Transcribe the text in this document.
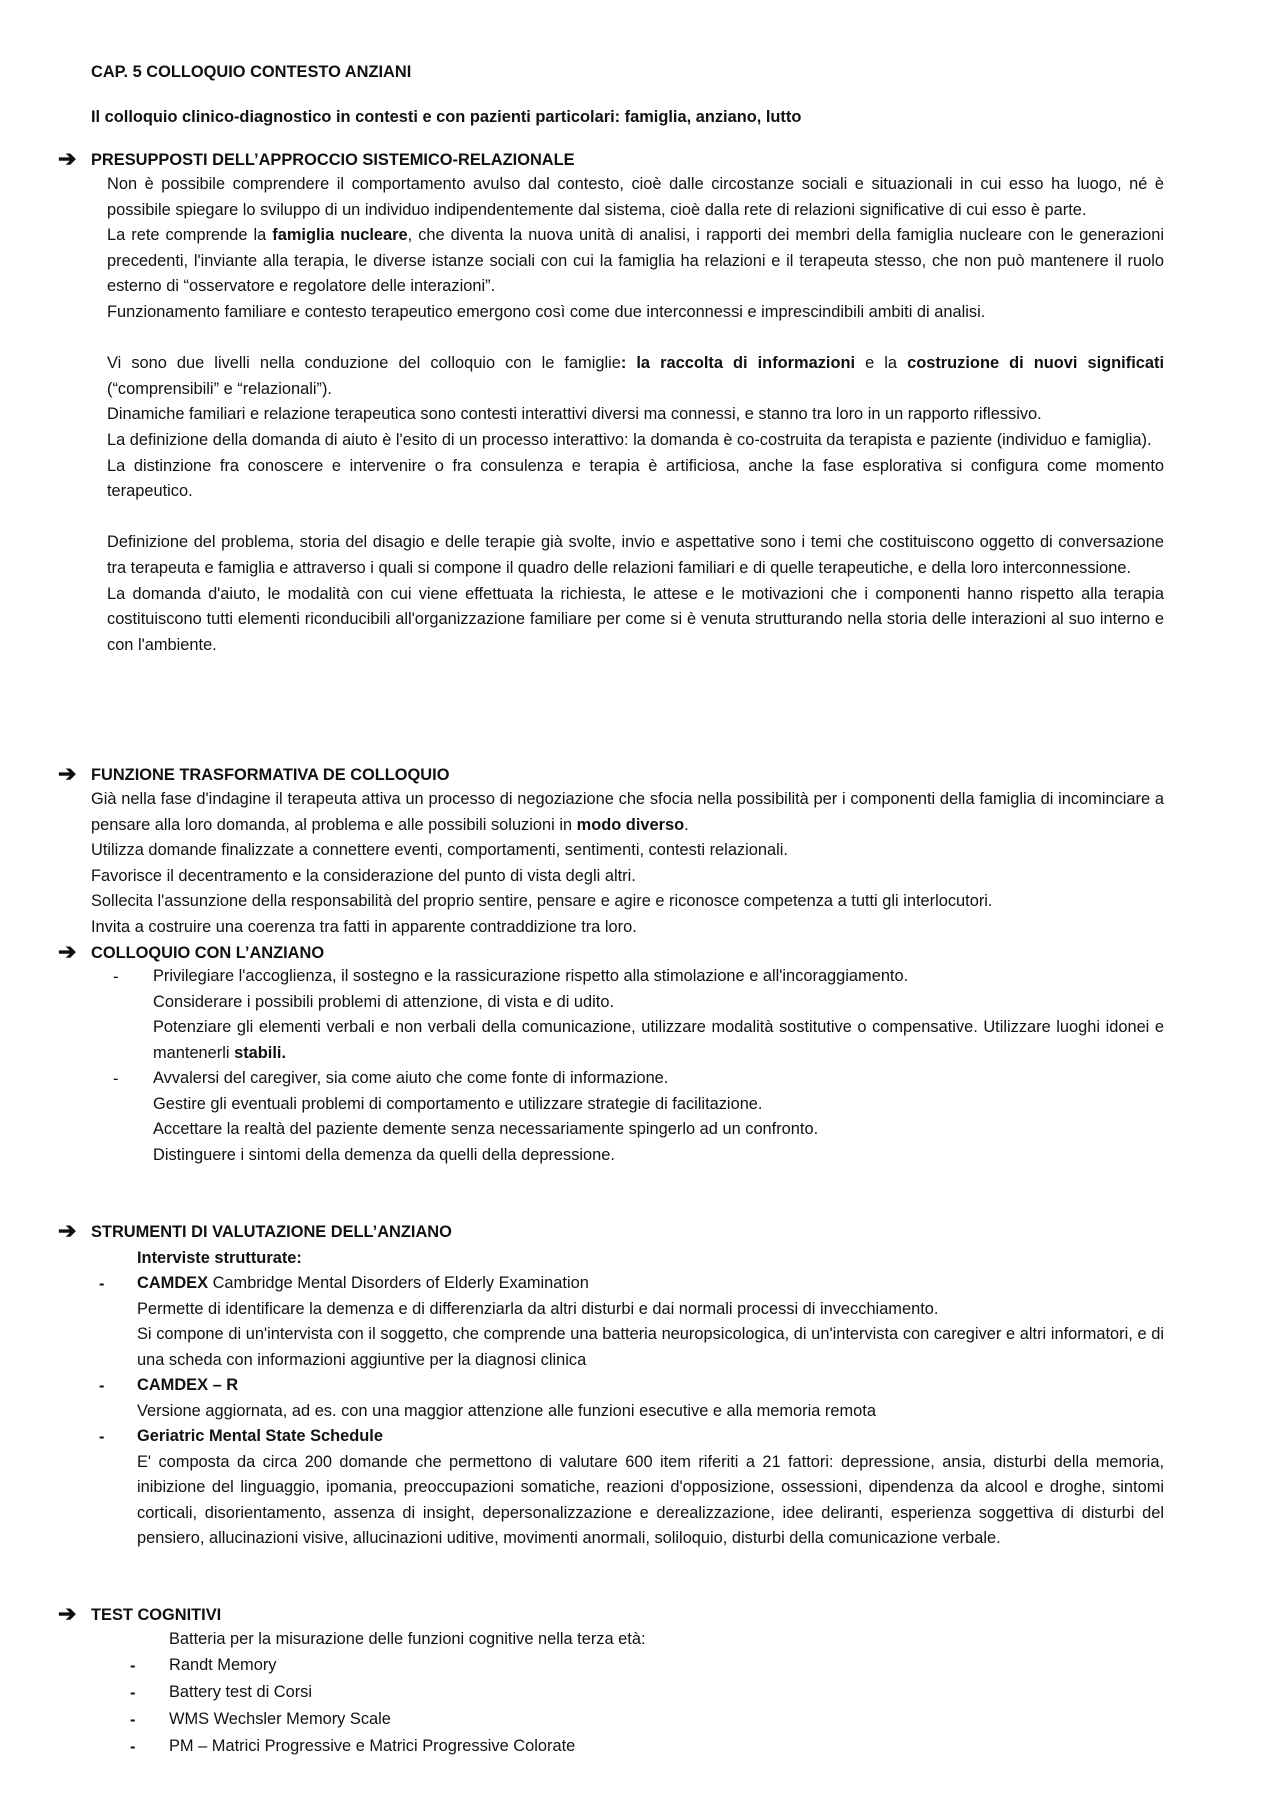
CAP. 5 COLLOQUIO CONTESTO ANZIANI
Il colloquio clinico-diagnostico in contesti e con pazienti particolari: famiglia, anziano, lutto
➔ PRESUPPOSTI DELL’APPROCCIO SISTEMICO-RELAZIONALE

Non è possibile comprendere il comportamento avulso dal contesto, cioè dalle circostanze sociali e situazionali in cui esso ha luogo, né è possibile spiegare lo sviluppo di un individuo indipendentemente dal sistema, cioè dalla rete di relazioni significative di cui esso è parte.

La rete comprende la famiglia nucleare, che diventa la nuova unità di analisi, i rapporti dei membri della famiglia nucleare con le generazioni precedenti, l'inviante alla terapia, le diverse istanze sociali con cui la famiglia ha relazioni e il terapeuta stesso, che non può mantenere il ruolo esterno di “osservatore e regolatore delle interazioni”.

Funzionamento familiare e contesto terapeutico emergono così come due interconnessi e imprescindibili ambiti di analisi.

Vi sono due livelli nella conduzione del colloquio con le famiglie: la raccolta di informazioni e la costruzione di nuovi significati (“comprensibili” e “relazionali”).

Dinamiche familiari e relazione terapeutica sono contesti interattivi diversi ma connessi, e stanno tra loro in un rapporto riflessivo.

La definizione della domanda di aiuto è l'esito di un processo interattivo: la domanda è co-costruita da terapista e paziente (individuo e famiglia).

La distinzione fra conoscere e intervenire o fra consulenza e terapia è artificiosa, anche la fase esplorativa si configura come momento terapeutico.

Definizione del problema, storia del disagio e delle terapie già svolte, invio e aspettative sono i temi che costituiscono oggetto di conversazione tra terapeuta e famiglia e attraverso i quali si compone il quadro delle relazioni familiari e di quelle terapeutiche, e della loro interconnessione.

La domanda d'aiuto, le modalità con cui viene effettuata la richiesta, le attese e le motivazioni che i componenti hanno rispetto alla terapia costituiscono tutti elementi riconducibili all'organizzazione familiare per come si è venuta strutturando nella storia delle interazioni al suo interno e con l'ambiente.

➔ FUNZIONE TRASFORMATIVA DE COLLOQUIO

Già nella fase d'indagine il terapeuta attiva un processo di negoziazione che sfocia nella possibilità per i componenti della famiglia di incominciare a pensare alla loro domanda, al problema e alle possibili soluzioni in modo diverso.

Utilizza domande finalizzate a connettere eventi, comportamenti, sentimenti, contesti relazionali.

Favorisce il decentramento e la considerazione del punto di vista degli altri.

Sollecita l'assunzione della responsabilità del proprio sentire, pensare e agire e riconosce competenza a tutti gli interlocutori.

Invita a costruire una coerenza tra fatti in apparente contraddizione tra loro.

➔ COLLOQUIO CON L’ANZIANO
- Privilegiare l'accoglienza, il sostegno e la rassicurazione rispetto alla stimolazione e all'incoraggiamento.

Considerare i possibili problemi di attenzione, di vista e di udito.

Potenziare gli elementi verbali e non verbali della comunicazione, utilizzare modalità sostitutive o compensative. Utilizzare luoghi idonei e mantenerli stabili.

- Avvalersi del caregiver, sia come aiuto che come fonte di informazione.

Gestire gli eventuali problemi di comportamento e utilizzare strategie di facilitazione.

Accettare la realtà del paziente demente senza necessariamente spingerlo ad un confronto.

Distinguere i sintomi della demenza da quelli della depressione.

➔ STRUMENTI DI VALUTAZIONE DELL’ANZIANO
Interviste strutturate:
- CAMDEX Cambridge Mental Disorders of Elderly Examination

Permette di identificare la demenza e di differenziarla da altri disturbi e dai normali processi di invecchiamento.

Si compone di un'intervista con il soggetto, che comprende una batteria neuropsicologica, di un'intervista con caregiver e altri informatori, e di una scheda con informazioni aggiuntive per la diagnosi clinica

- CAMDEX – R

Versione aggiornata, ad es. con una maggior attenzione alle funzioni esecutive e alla memoria remota

- Geriatric Mental State Schedule

E' composta da circa 200 domande che permettono di valutare 600 item riferiti a 21 fattori: depressione, ansia, disturbi della memoria, inibizione del linguaggio, ipomania, preoccupazioni somatiche, reazioni d'opposizione, ossessioni, dipendenza da alcool e droghe, sintomi corticali, disorientamento, assenza di insight, depersonalizzazione e derealizzazione, idee deliranti, esperienza soggettiva di disturbi del pensiero, allucinazioni visive, allucinazioni uditive, movimenti anormali, soliloquio, disturbi della comunicazione verbale.

➔ TEST COGNITIVI
Batteria per la misurazione delle funzioni cognitive nella terza età:
- Randt Memory
- Battery test di Corsi
- WMS Wechsler Memory Scale
- PM – Matrici Progressive e Matrici Progressive Colorate
